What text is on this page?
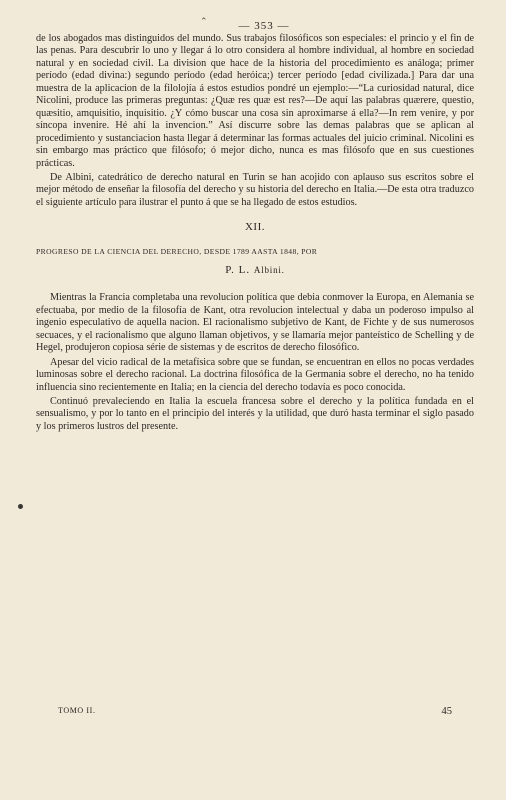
⌃	— 353 —

de los abogados mas distinguidos del mundo. Sus trabajos filosóficos son especiales: el princio y el fin de las penas. Para descubrir lo uno y llegar á lo otro considera al hombre individual, al hombre en sociedad natural y en sociedad civil. La division que hace de la historia del procedimiento es análoga; primer período (edad divina:) segundo período (edad heróica;) tercer período [edad civilizada.] Para dar una muestra de la aplicacion de la filolojía á estos estudios pondré un ejemplo:—“La curiosidad natural, dice Nicolini, produce las primeras preguntas: ¿Quæ res quæ est res?—De aquí las palabras quærere, questio, quæsitio, amquisitio, inquisitio. ¿Y cómo buscar una cosa sin aproximarse á ella?—In rem venire, y por síncopa invenire. Hé ahí la invencion.” Así discurre sobre las demas palabras que se aplican al procedimiento y sustanciacion hasta llegar á determinar las formas actuales del juicio criminal. Nicolini es sin embargo mas práctico que filósofo; ó mejor dicho, nunca es mas filósofo que en sus cuestiones prácticas.

De Albini, catedrático de derecho natural en Turin se han acojido con aplauso sus escritos sobre el mejor método de enseñar la filosofía del derecho y su historia del derecho en Italia.—De esta otra traduzco el siguiente artículo para ilustrar el punto á que se ha llegado de estos estudios.

XII.

PROGRESO DE LA CIENCIA DEL DERECHO, DESDE 1789 AASTA 1848, POR

P. L. Albini.

Mientras la Francia completaba una revolucion política que debia conmover la Europa, en Alemania se efectuaba, por medio de la filosofía de Kant, otra revolucion intelectual y daba un poderoso impulso al ingenio especulativo de aquella nacion. El racionalismo subjetivo de Kant, de Fichte y de sus numerosos secuaces, y el racionalismo que alguno llaman objetivos, y se llamaría mejor panteístico de Schelling y de Hegel, produjeron copiosa série de sistemas y de escritos de derecho filosófico.

Apesar del vicio radical de la metafísica sobre que se fundan, se encuentran en ellos no pocas verdades luminosas sobre el derecho racional. La doctrina filosófica de la Germania sobre el derecho, no ha tenido influencia sino recientemente en Italia; en la ciencia del derecho todavía es poco conocida.

Continuó prevaleciendo en Italia la escuela francesa sobre el derecho y la política fundada en el sensualismo, y por lo tanto en el principio del interés y la utilidad, que duró hasta terminar el siglo pasado y los primeros lustros del presente.

TOMO II.	45
